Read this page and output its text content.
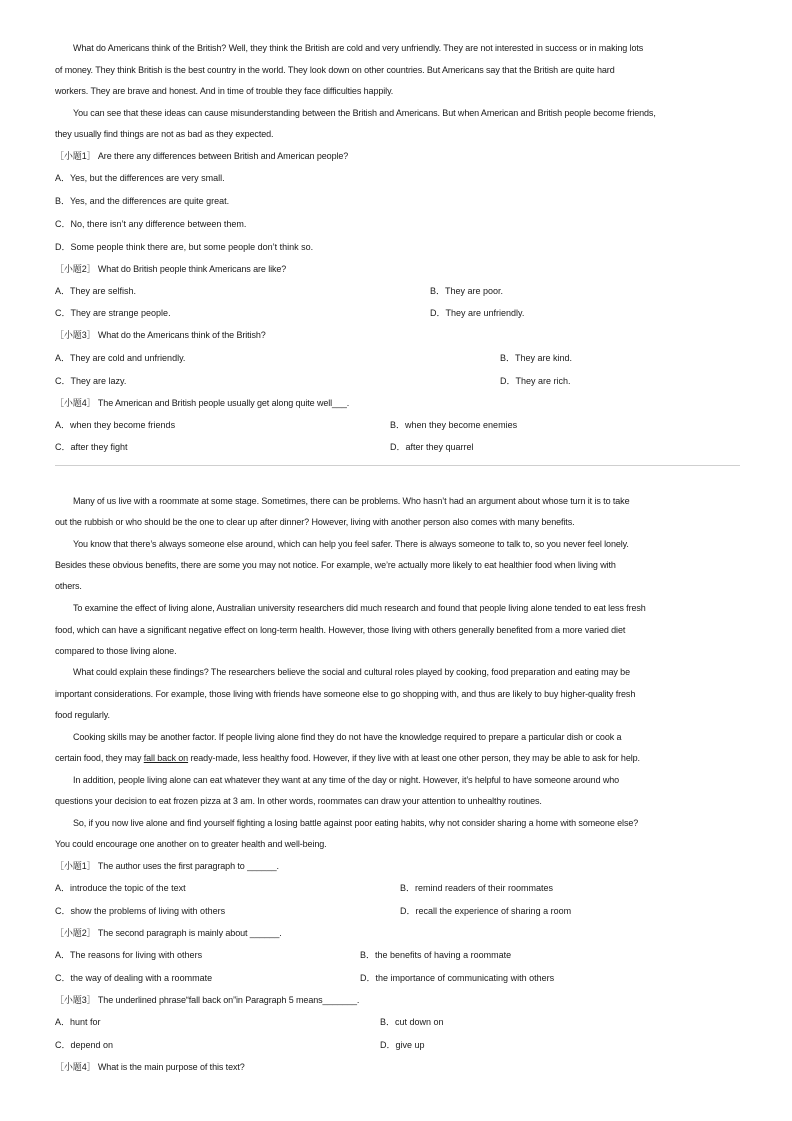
What do Americans think of the British? Well, they think the British are cold and very unfriendly. They are not interested in success or in making lots
of money. They think British is the best country in the world. They look down on other countries. But Americans say that the British are quite hard
workers. They are brave and honest. And in time of trouble they face difficulties happily.
You can see that these ideas can cause misunderstanding between the British and Americans. But when American and British people become friends,
they usually find things are not as bad as they expected.
［小题1］ Are there any differences between British and American people?
A．Yes, but the differences are very small.
B．Yes, and the differences are quite great.
C．No, there isn’t any difference between them.
D．Some people think there are, but some people don’t think so.
［小题2］ What do British people think Americans are like?
A．They are selfish.	B．They are poor.
C．They are strange people.	D．They are unfriendly.
［小题3］ What do the Americans think of the British?
A．They are cold and unfriendly.	B．They are kind.
C．They are lazy.	D．They are rich.
［小题4］ The American and British people usually get along quite well___.
A．when they become friends	B．when they become enemies
C．after they fight	D．after they quarrel
Many of us live with a roommate at some stage. Sometimes, there can be problems. Who hasn’t had an argument about whose turn it is to take
out the rubbish or who should be the one to clear up after dinner? However, living with another person also comes with many benefits.
You know that there’s always someone else around, which can help you feel safer. There is always someone to talk to, so you never feel lonely.
Besides these obvious benefits, there are some you may not notice. For example, we’re actually more likely to eat healthier food when living with
others.
To examine the effect of living alone, Australian university researchers did much research and found that people living alone tended to eat less fresh
food, which can have a significant negative effect on long-term health. However, those living with others generally benefited from a more varied diet
compared to those living alone.
What could explain these findings? The researchers believe the social and cultural roles played by cooking, food preparation and eating may be
important considerations. For example, those living with friends have someone else to go shopping with, and thus are likely to buy higher-quality fresh
food regularly.
Cooking skills may be another factor. If people living alone find they do not have the knowledge required to prepare a particular dish or cook a
certain food, they may fall back on ready-made, less healthy food. However, if they live with at least one other person, they may be able to ask for help.
In addition, people living alone can eat whatever they want at any time of the day or night. However, it’s helpful to have someone around who
questions your decision to eat frozen pizza at 3 am. In other words, roommates can draw your attention to unhealthy routines.
So, if you now live alone and find yourself fighting a losing battle against poor eating habits, why not consider sharing a home with someone else?
You could encourage one another on to greater health and well-being.
［小题1］ The author uses the first paragraph to ______.
A．introduce the topic of the text	B．remind readers of their roommates
C．show the problems of living with others	D．recall the experience of sharing a room
［小题2］ The second paragraph is mainly about ______.
A．The reasons for living with others	B．the benefits of having a roommate
C．the way of dealing with a roommate	D．the importance of communicating with others
［小题3］ The underlined phrase“fall back on”in Paragraph 5 means_______.
A．hunt for	B．cut down on
C．depend on	D．give up
［小题4］ What is the main purpose of this text?
